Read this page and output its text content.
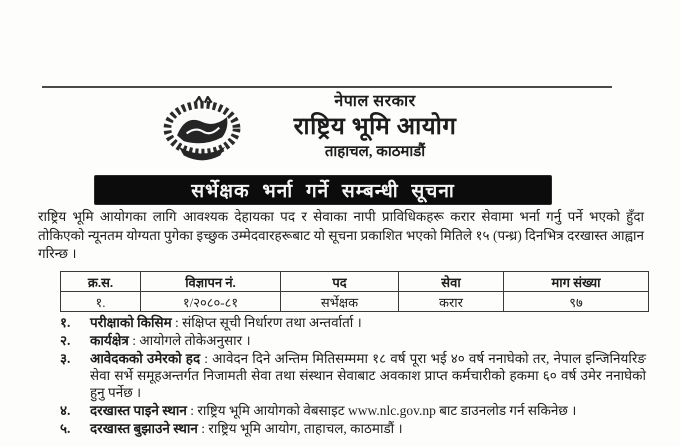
नेपाल सरकार
राष्ट्रिय भूमि आयोग
ताहाचल, काठमाडौं
सर्भेक्षक भर्ना गर्ने सम्बन्धी सूचना

राष्ट्रिय भूमि आयोगका लागि आवश्यक देहायका पद र सेवाका नापी प्राविधिकहरू करार सेवामा भर्ना गर्नु पर्ने भएको हुँदा तोकिएको न्यूनतम योग्यता पुगेका इच्छुक उम्मेदवारहरूबाट यो सूचना प्रकाशित भएको मितिले १५ (पन्ध्र) दिनभित्र दरखास्त आह्वान गरिन्छ ।

क्र.स.	विज्ञापन नं.	पद	सेवा	माग संख्या
१.	१/२०८०-८१	सर्भेक्षक	करार	९७
१.	परीक्षाको किसिम : संक्षिप्त सूची निर्धारण तथा अन्तर्वार्ता ।
२.	कार्यक्षेत्र : आयोगले तोकेअनुसार ।
३.	आवेदकको उमेरको हद : आवेदन दिने अन्तिम मितिसम्ममा १८ वर्ष पूरा भई ४० वर्ष ननाघेको तर, नेपाल इन्जिनियरिङ सेवा सर्भे समूहअन्तर्गत निजामती सेवा तथा संस्थान सेवाबाट अवकाश प्राप्त कर्मचारीको हकमा ६० वर्ष उमेर ननाघेको हुनु पर्नेछ ।
४.	दरखास्त पाइने स्थान : राष्ट्रिय भूमि आयोगको वेबसाइट www.nlc.gov.np बाट डाउनलोड गर्न सकिनेछ ।
५.	दरखास्त बुझाउने स्थान : राष्ट्रिय भूमि आयोग, ताहाचल, काठमाडौं ।
